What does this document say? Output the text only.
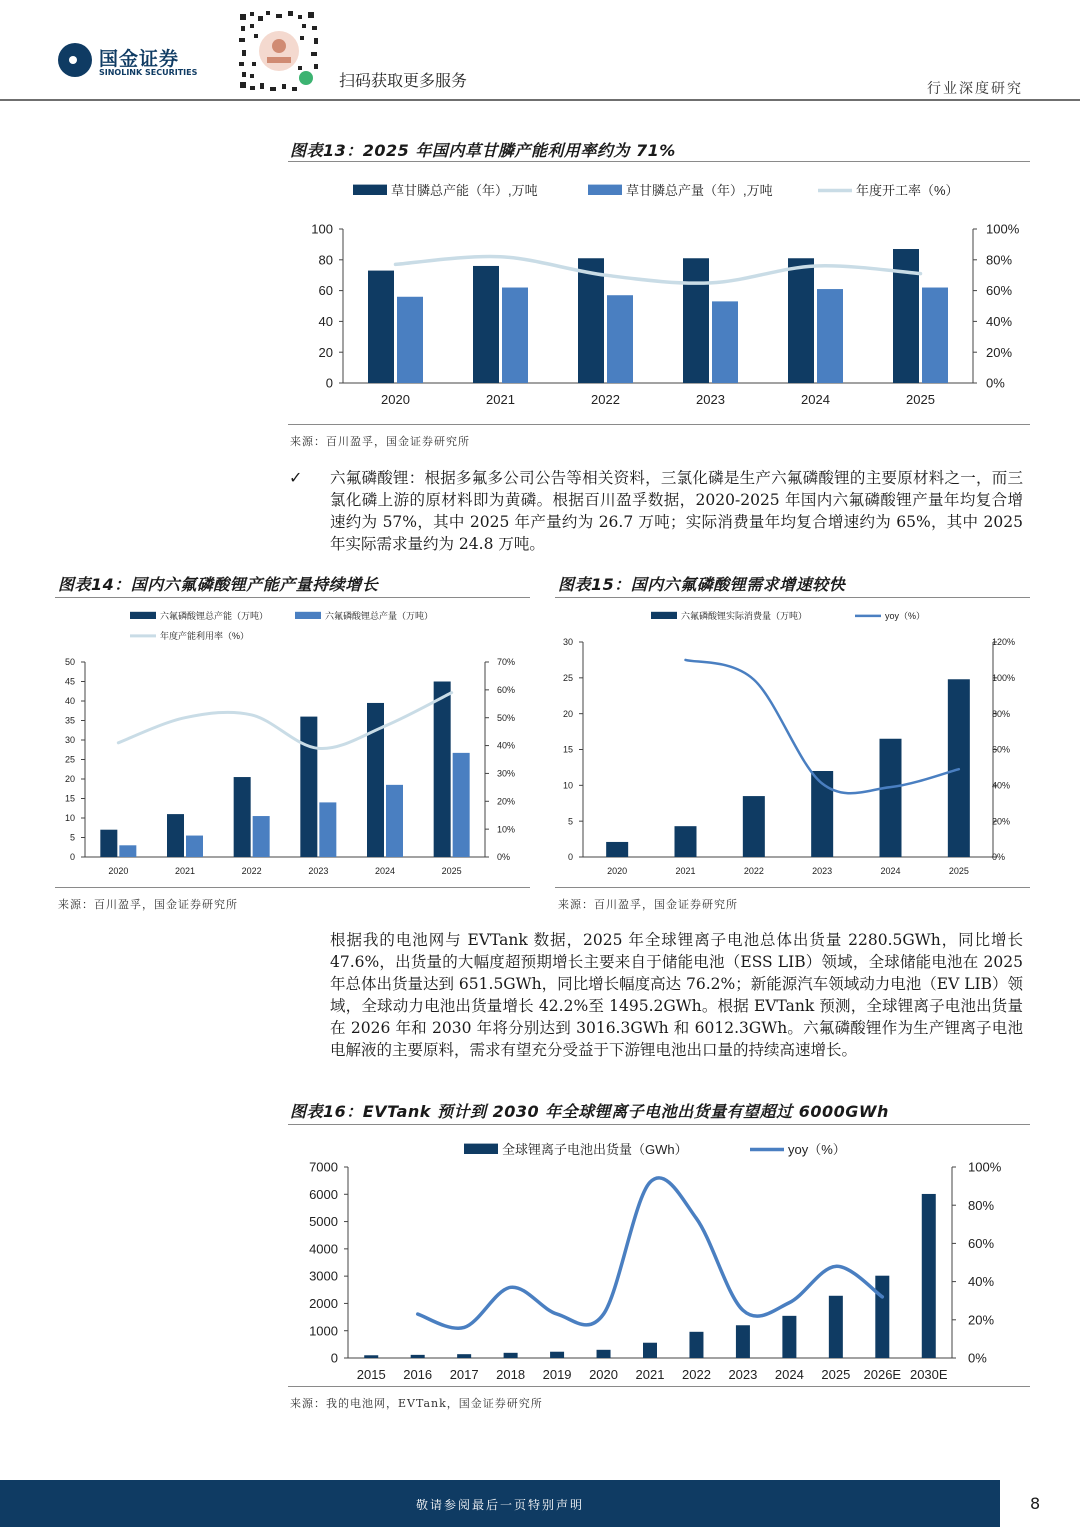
国金证券
SINOLINK SECURITIES	扫码获取更多服务	行业深度研究
图表13：2025 年国内草甘膦产能利用率约为 71%
0
20
40
60
80
100
0%
20%
40%
60%
80%
100%
2020	2021	2022	2023	2024	2025
草甘膦总产能（年）,万吨	草甘膦总产量（年）,万吨	年度开工率（%）
来源：百川盈孚，国金证券研究所
✓ 六氟磷酸锂：根据多氟多公司公告等相关资料，三氯化磷是生产六氟磷酸锂的主要原材料之一，而三氯化磷上游的原材料即为黄磷。根据百川盈孚数据，2020-2025 年国内六氟磷酸锂产量年均复合增速约为 57%，其中 2025 年产量约为 26.7 万吨；实际消费量年均复合增速约为 65%，其中 2025 年实际需求量约为 24.8 万吨。
图表14：国内六氟磷酸锂产能产量持续增长
0
5
10
15
20
25
30
35
40
45
50
0%
10%
20%
30%
40%
50%
60%
70%
2020	2021	2022	2023	2024	2025
六氟磷酸锂总产能（万吨）	六氟磷酸锂总产量（万吨）
年度产能利用率（%）
来源：百川盈孚，国金证券研究所
图表15：国内六氟磷酸锂需求增速较快
0
5
10
15
20
25
30
0%
20%
40%
60%
80%
100%
120%
2020	2021	2022	2023	2024	2025
六氟磷酸锂实际消费量（万吨）	yoy（%）
来源：百川盈孚，国金证券研究所
根据我的电池网与 EVTank 数据，2025 年全球锂离子电池总体出货量 2280.5GWh，同比增长 47.6%，出货量的大幅度超预期增长主要来自于储能电池（ESS LIB）领域，全球储能电池在 2025 年总体出货量达到 651.5GWh，同比增长幅度高达 76.2%；新能源汽车领域动力电池（EV LIB）领域，全球动力电池出货量增长 42.2%至 1495.2GWh。根据 EVTank 预测，全球锂离子电池出货量在 2026 年和 2030 年将分别达到 3016.3GWh 和 6012.3GWh。六氟磷酸锂作为生产锂离子电池电解液的主要原料，需求有望充分受益于下游锂电池出口量的持续高速增长。
图表16：EVTank 预计到 2030 年全球锂离子电池出货量有望超过 6000GWh
0
1000
2000
3000
4000
5000
6000
7000
0%
20%
40%
60%
80%
100%
2015 2016 2017 2018 2019 2020 2021 2022 2023 2024 2025 2026E 2030E
全球锂离子电池出货量（GWh）	yoy（%）
来源：我的电池网，EVTank，国金证券研究所
敬请参阅最后一页特别声明	8
